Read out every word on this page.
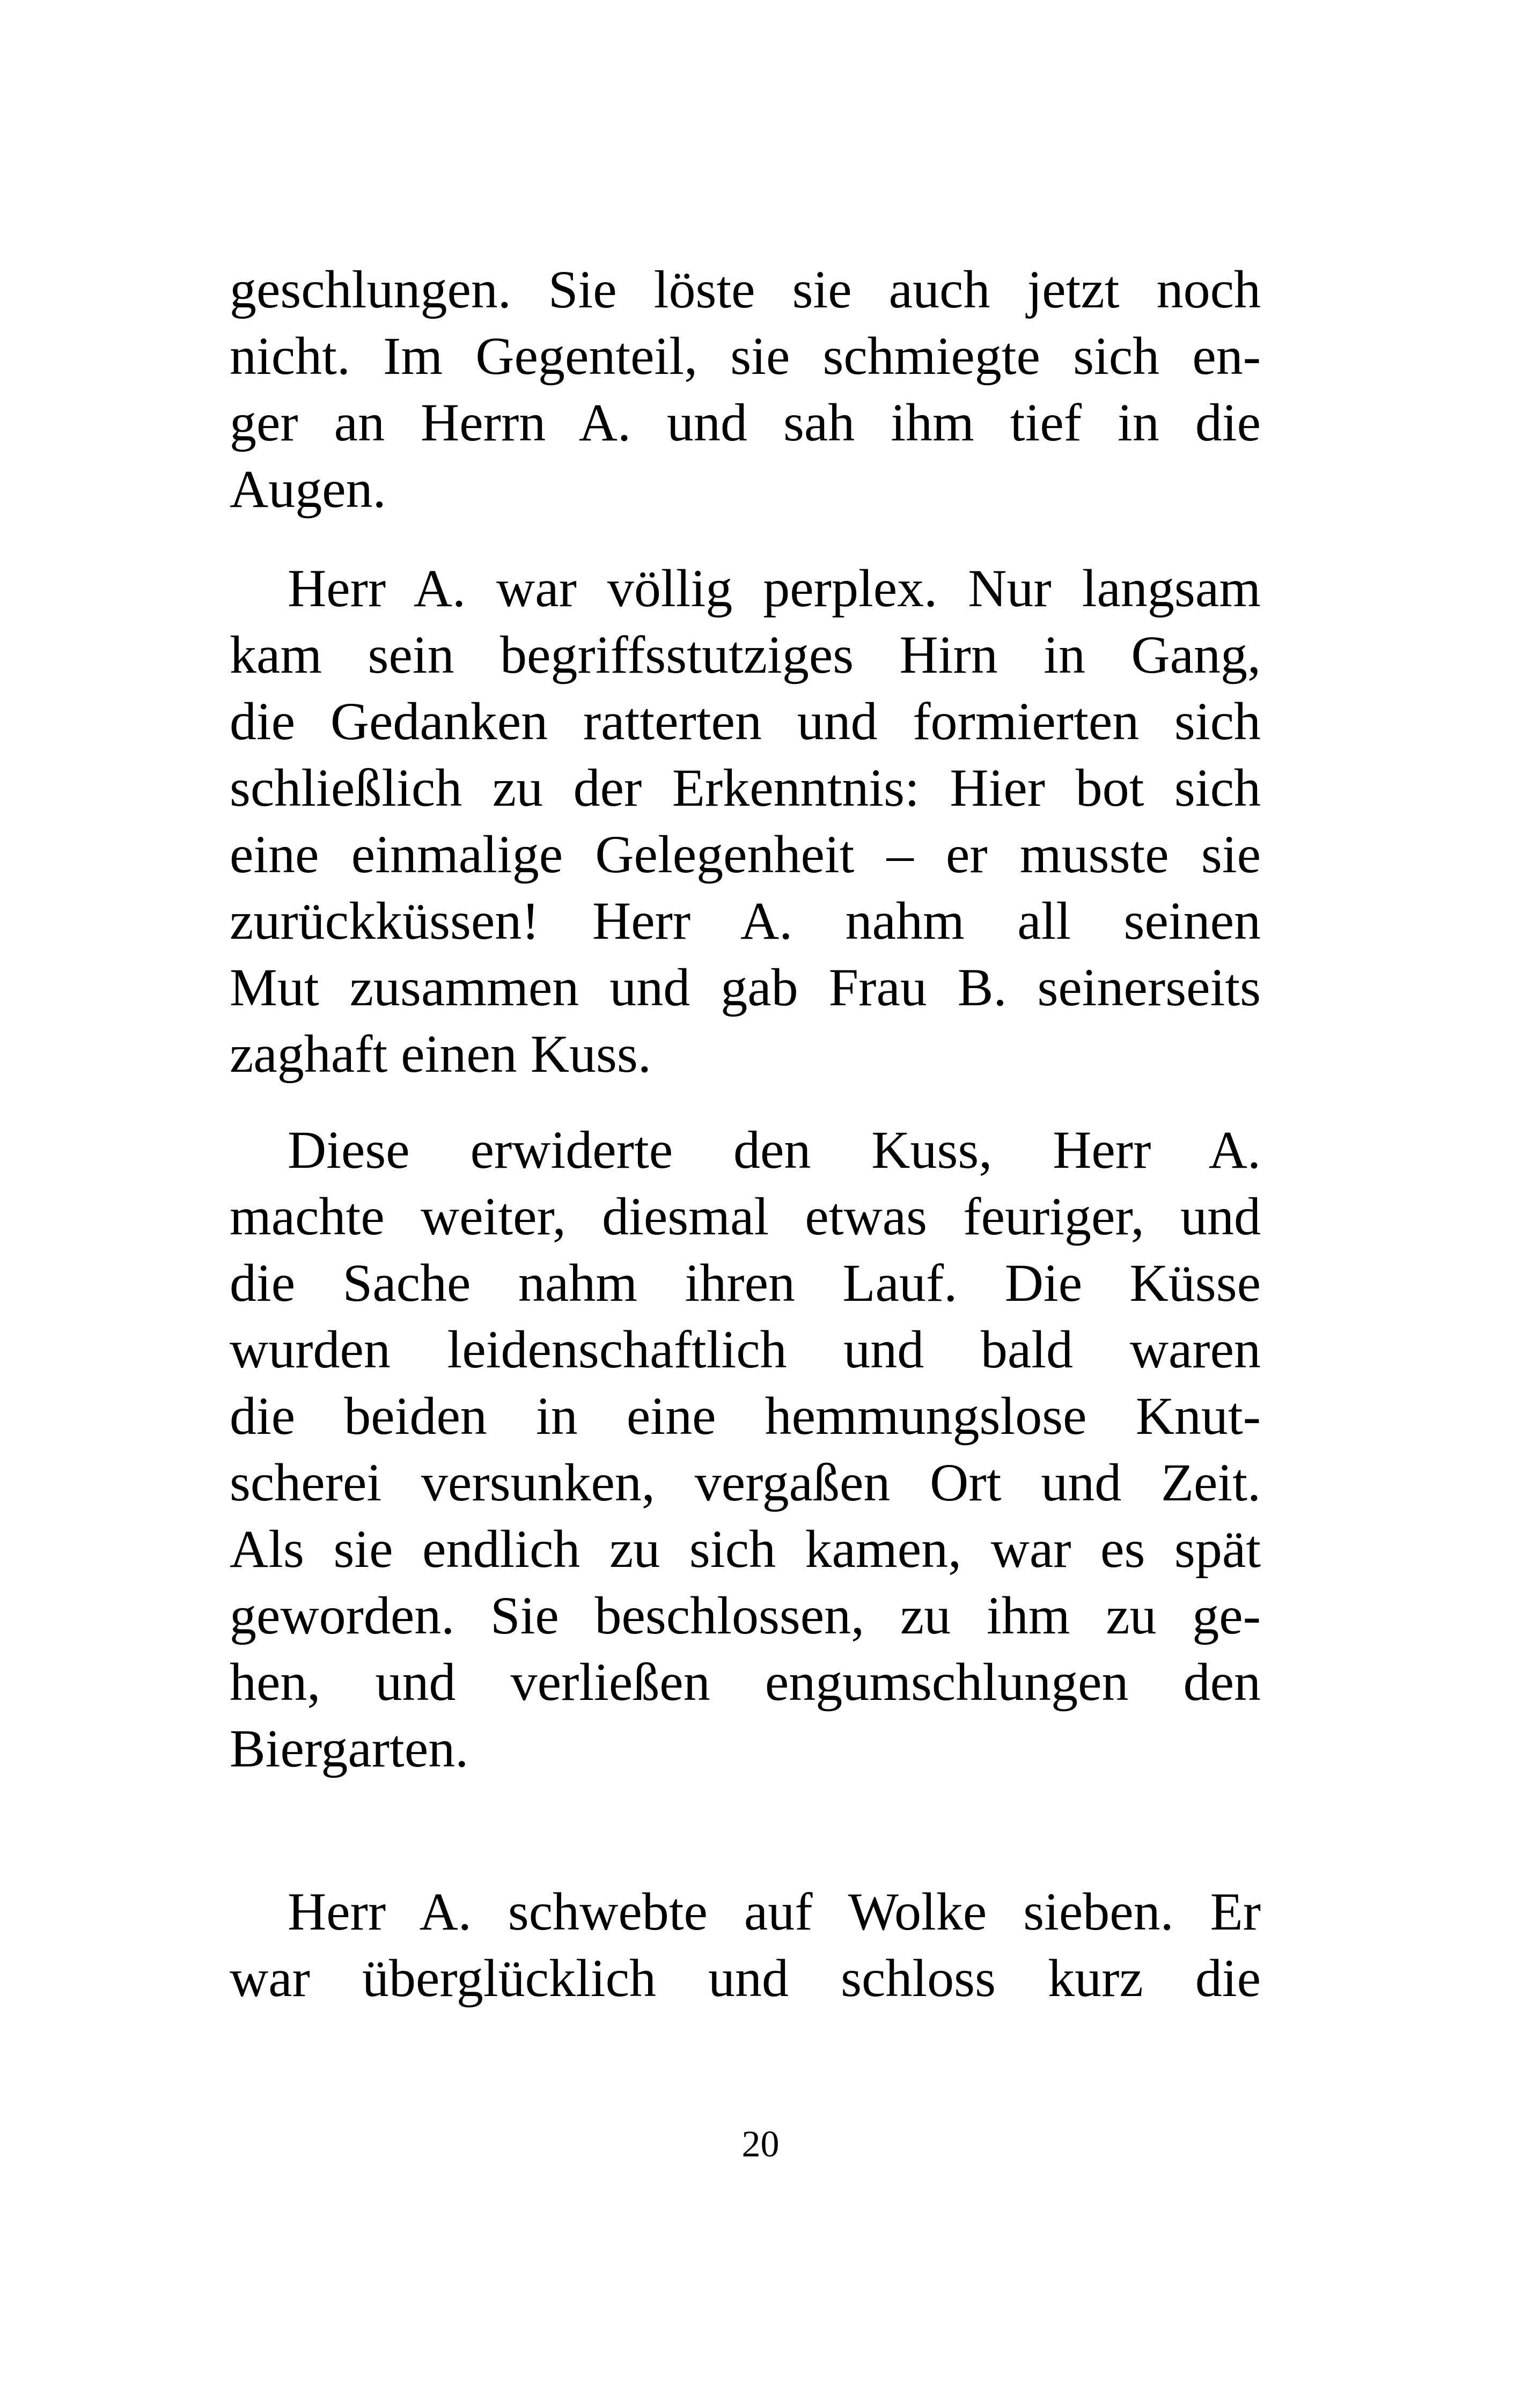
geschlungen. Sie löste sie auch jetzt noch
nicht. Im Gegenteil, sie schmiegte sich en-
ger an Herrn A. und sah ihm tief in die
Augen.
Herr A. war völlig perplex. Nur langsam
kam sein begriffsstutziges Hirn in Gang,
die Gedanken ratterten und formierten sich
schließlich zu der Erkenntnis: Hier bot sich
eine einmalige Gelegenheit – er musste sie
zurückküssen! Herr A. nahm all seinen
Mut zusammen und gab Frau B. seinerseits
zaghaft einen Kuss.
Diese erwiderte den Kuss, Herr A.
machte weiter, diesmal etwas feuriger, und
die Sache nahm ihren Lauf. Die Küsse
wurden leidenschaftlich und bald waren
die beiden in eine hemmungslose Knut-
scherei versunken, vergaßen Ort und Zeit.
Als sie endlich zu sich kamen, war es spät
geworden. Sie beschlossen, zu ihm zu ge-
hen, und verließen engumschlungen den
Biergarten.
Herr A. schwebte auf Wolke sieben. Er
war überglücklich und schloss kurz die
20
